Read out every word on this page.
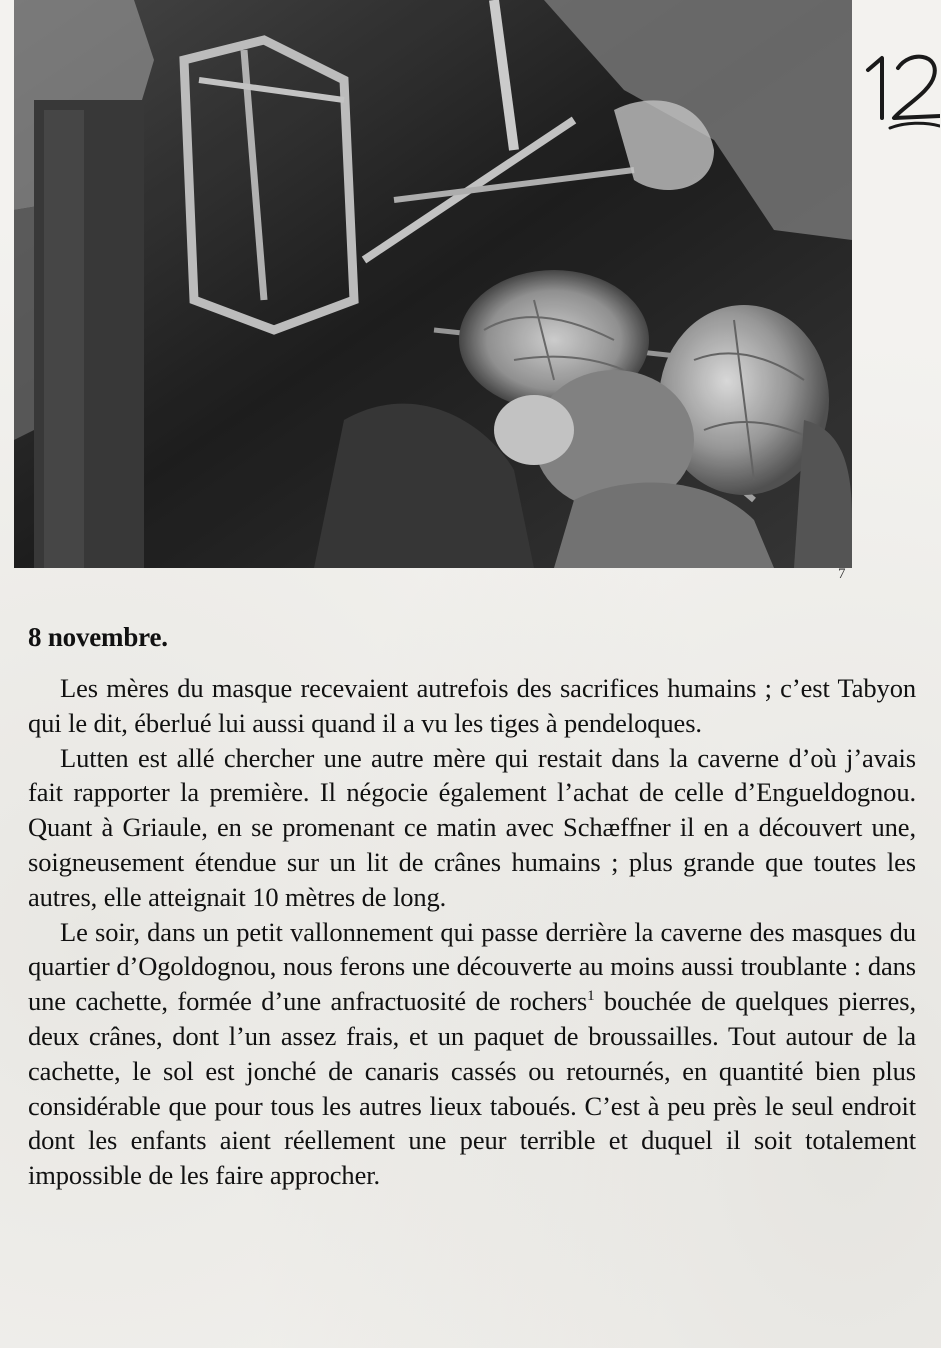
7
8 novembre.

Les mères du masque recevaient autrefois des sacrifices humains ; c’est Tabyon qui le dit, éberlué lui aussi quand il a vu les tiges à pendeloques.

Lutten est allé chercher une autre mère qui restait dans la caverne d’où j’avais fait rapporter la première. Il négocie également l’achat de celle d’Engueldognou. Quant à Griaule, en se promenant ce matin avec Schæffner il en a découvert une, soigneusement étendue sur un lit de crânes humains ; plus grande que toutes les autres, elle atteignait 10 mètres de long.

Le soir, dans un petit vallonnement qui passe derrière la caverne des masques du quartier d’Ogoldognou, nous ferons une découverte au moins aussi troublante : dans une cachette, formée d’une anfractuosité de rochers$^1$ bouchée de quelques pierres, deux crânes, dont l’un assez frais, et un paquet de broussailles. Tout autour de la cachette, le sol est jonché de canaris cassés ou retournés, en quantité bien plus considérable que pour tous les autres lieux taboués. C’est à peu près le seul endroit dont les enfants aient réellement une peur terrible et duquel il soit totalement impossible de les faire approcher.
